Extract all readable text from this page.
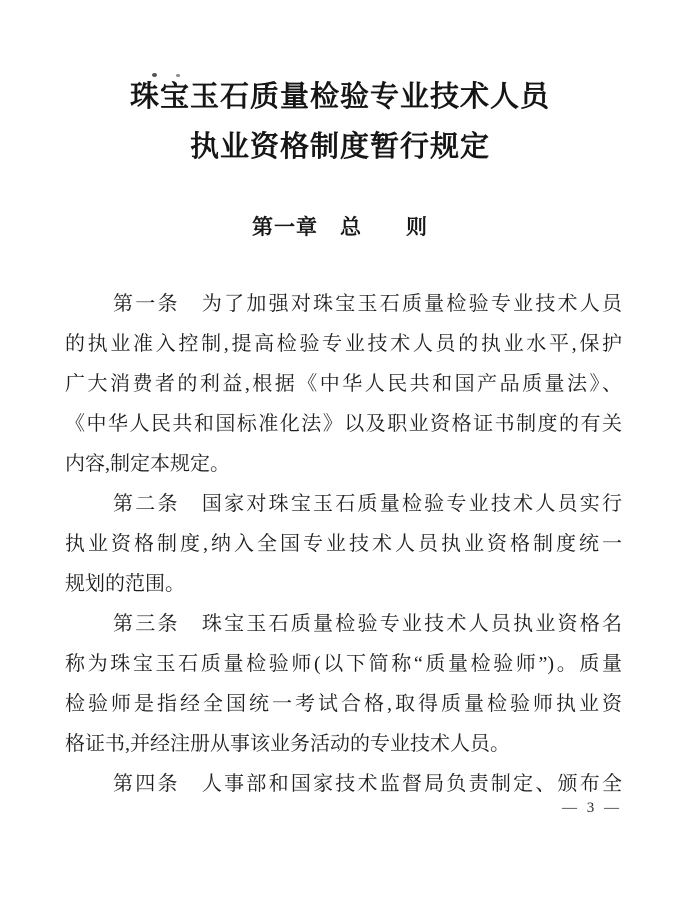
珠宝玉石质量检验专业技术人员
执业资格制度暂行规定
第一章　总　　则

第一条　为了加强对珠宝玉石质量检验专业技术人员
的执业准入控制,提高检验专业技术人员的执业水平,保护
广大消费者的利益,根据《中华人民共和国产品质量法》、
《中华人民共和国标准化法》以及职业资格证书制度的有关
内容,制定本规定。

第二条　国家对珠宝玉石质量检验专业技术人员实行
执业资格制度,纳入全国专业技术人员执业资格制度统一
规划的范围。

第三条　珠宝玉石质量检验专业技术人员执业资格名
称为珠宝玉石质量检验师(以下简称“质量检验师”)。质量
检验师是指经全国统一考试合格,取得质量检验师执业资
格证书,并经注册从事该业务活动的专业技术人员。

第四条　人事部和国家技术监督局负责制定、颁布全

— 3 —
